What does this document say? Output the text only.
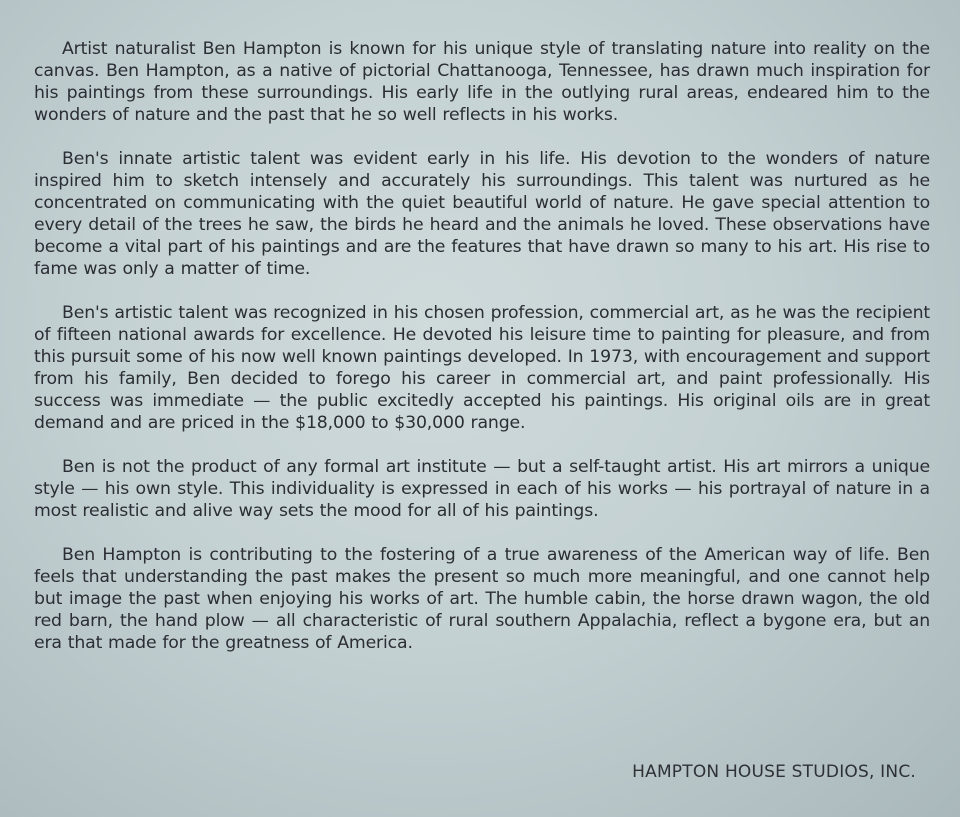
Artist naturalist Ben Hampton is known for his unique style of translating nature into reality on the canvas. Ben Hampton, as a native of pictorial Chattanooga, Tennessee, has drawn much inspiration for his paintings from these surroundings. His early life in the outlying rural areas, endeared him to the wonders of nature and the past that he so well reflects in his works.

Ben's innate artistic talent was evident early in his life. His devotion to the wonders of nature inspired him to sketch intensely and accurately his surroundings. This talent was nurtured as he concentrated on communicating with the quiet beautiful world of nature. He gave special attention to every detail of the trees he saw, the birds he heard and the animals he loved. These observations have become a vital part of his paintings and are the features that have drawn so many to his art. His rise to fame was only a matter of time.

Ben's artistic talent was recognized in his chosen profession, commercial art, as he was the recipient of fifteen national awards for excellence. He devoted his leisure time to painting for pleasure, and from this pursuit some of his now well known paintings developed. In 1973, with encouragement and support from his family, Ben decided to forego his career in commercial art, and paint professionally. His success was immediate — the public excitedly accepted his paintings. His original oils are in great demand and are priced in the $18,000 to $30,000 range.

Ben is not the product of any formal art institute — but a self-taught artist. His art mirrors a unique style — his own style. This individuality is expressed in each of his works — his portrayal of nature in a most realistic and alive way sets the mood for all of his paintings.

Ben Hampton is contributing to the fostering of a true awareness of the American way of life. Ben feels that understanding the past makes the present so much more meaningful, and one cannot help but image the past when enjoying his works of art. The humble cabin, the horse drawn wagon, the old red barn, the hand plow — all characteristic of rural southern Appalachia, reflect a bygone era, but an era that made for the greatness of America.

HAMPTON HOUSE STUDIOS, INC.
